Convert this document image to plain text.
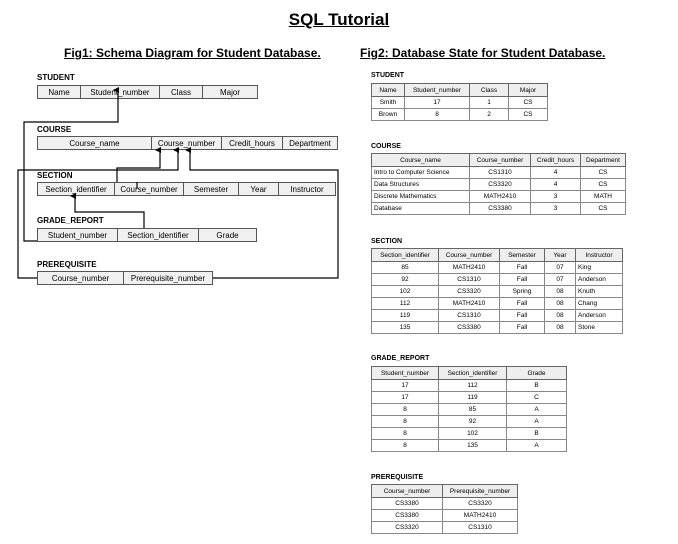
SQL Tutorial
Fig1: Schema Diagram for Student Database.	Fig2: Database State for Student Database.
STUDENT
Name	Student_number	Class	Major
COURSE
Course_name	Course_number	Credit_hours	Department
SECTION
Section_identifier	Course_number	Semester	Year	Instructor
GRADE_REPORT
Student_number	Section_identifier	Grade
PREREQUISITE
Course_number	Prerequisite_number
STUDENT
Name	Student_number	Class	Major
Smith	17	1	CS
Brown	8	2	CS
COURSE
Course_name	Course_number	Credit_hours	Department
Intro to Computer Science	CS1310	4	CS
Data Structures	CS3320	4	CS
Discrete Mathematics	MATH2410	3	MATH
Database	CS3380	3	CS
SECTION
Section_identifier	Course_number	Semester	Year	Instructor
85	MATH2410	Fall	07	King
92	CS1310	Fall	07	Anderson
102	CS3320	Spring	08	Knuth
112	MATH2410	Fall	08	Chang
119	CS1310	Fall	08	Anderson
135	CS3380	Fall	08	Stone
GRADE_REPORT
Student_number	Section_identifier	Grade
17	112	B
17	119	C
8	85	A
8	92	A
8	102	B
8	135	A
PREREQUISITE
Course_number	Prerequisite_number
CS3380	CS3320
CS3380	MATH2410
CS3320	CS1310
